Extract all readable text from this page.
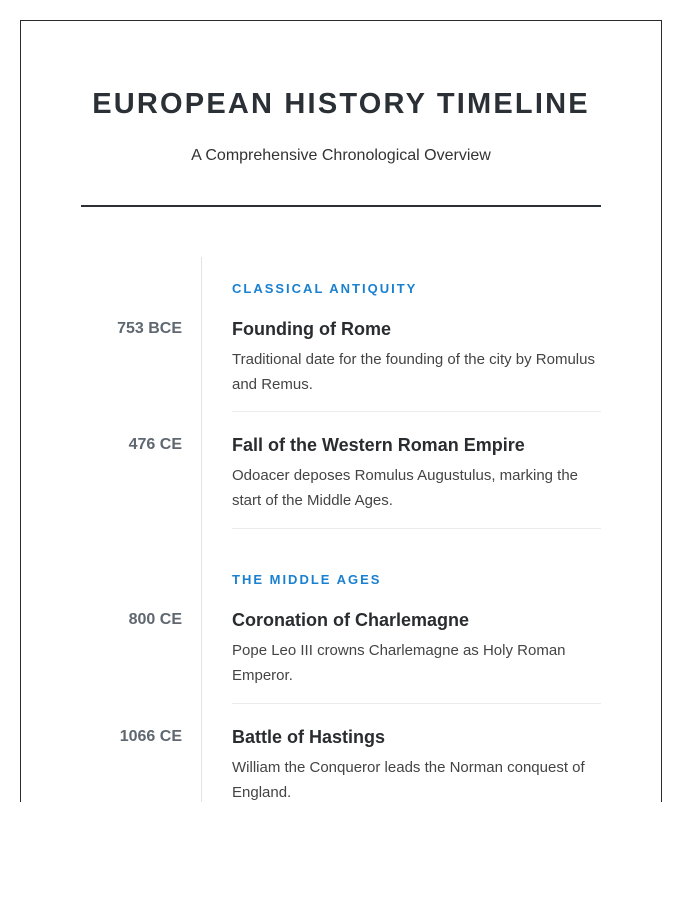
EUROPEAN HISTORY TIMELINE
A Comprehensive Chronological Overview
CLASSICAL ANTIQUITY
753 BCE	Founding of Rome
Traditional date for the founding of the city by Romulus and Remus.
476 CE	Fall of the Western Roman Empire
Odoacer deposes Romulus Augustulus, marking the start of the Middle Ages.
THE MIDDLE AGES
800 CE	Coronation of Charlemagne
Pope Leo III crowns Charlemagne as Holy Roman Emperor.
1066 CE	Battle of Hastings
William the Conqueror leads the Norman conquest of England.
